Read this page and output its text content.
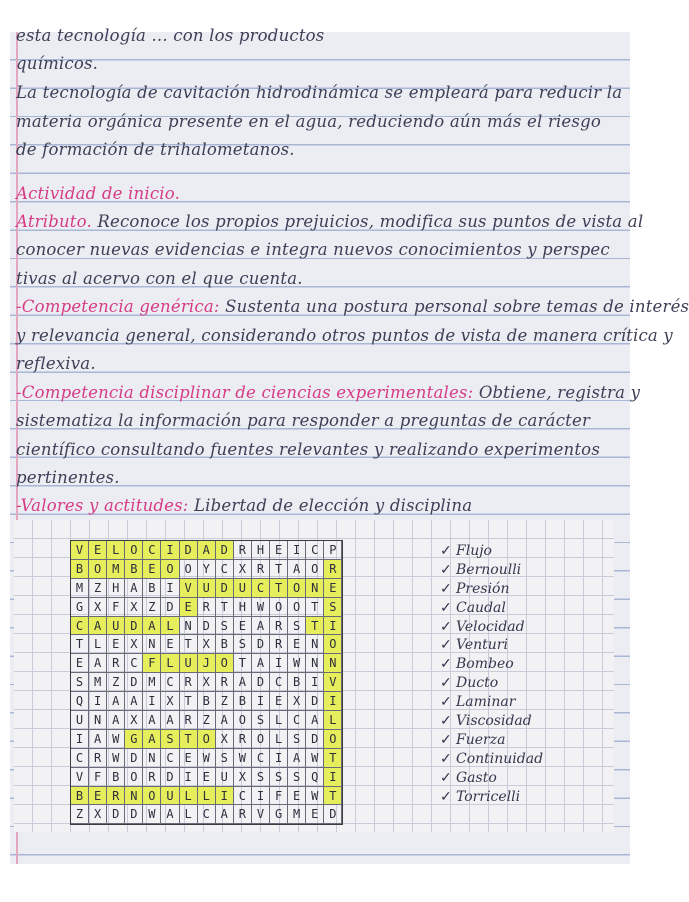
esta tecnología ... con los productos
químicos.
La tecnología de cavitación hidrodinámica se empleará para reducir la
materia orgánica presente en el agua, reduciendo aún más el riesgo
de formación de trihalometanos.
Actividad de inicio.
Atributo. Reconoce los propios prejuicios, modifica sus puntos de vista al
conocer nuevas evidencias e integra nuevos conocimientos y perspec
tivas al acervo con el que cuenta.
-Competencia genérica: Sustenta una postura personal sobre temas de interés
y relevancia general, considerando otros puntos de vista de manera crítica y
reflexiva.
-Competencia disciplinar de ciencias experimentales: Obtiene, registra y
sistematiza la información para responder a preguntas de carácter
científico consultando fuentes relevantes y realizando experimentos
pertinentes.
-Valores y actitudes: Libertad de elección y disciplina
V E L O C I D A D R H E I C P
B O M B E O O Y C X R T A O R
M Z H A B I V U D U C T O N E
G X F X Z D E R T H W O O T S
C A U D A L N D S E A R S T I
T L E X N E T X B S D R E N O
E A R C F L U J O T A I W N N
S M Z D M C R X R A D C B I V
Q I A A I X T B Z B I E X D I
U N A X A A R Z A O S L C A L
I A W G A S T O X R O L S D O
C R W D N C E W S W C I A W T
V F B O R D I E U X S S S Q I
B E R N O U L L I C I F E W T
Z X D D W A L C A R V G M E D
✓ Flujo
✓ Bernoulli
✓ Presión
✓ Caudal
✓ Velocidad
✓ Venturi
✓ Bombeo
✓ Ducto
✓ Laminar
✓ Viscosidad
✓ Fuerza
✓ Continuidad
✓ Gasto
✓ Torricelli
